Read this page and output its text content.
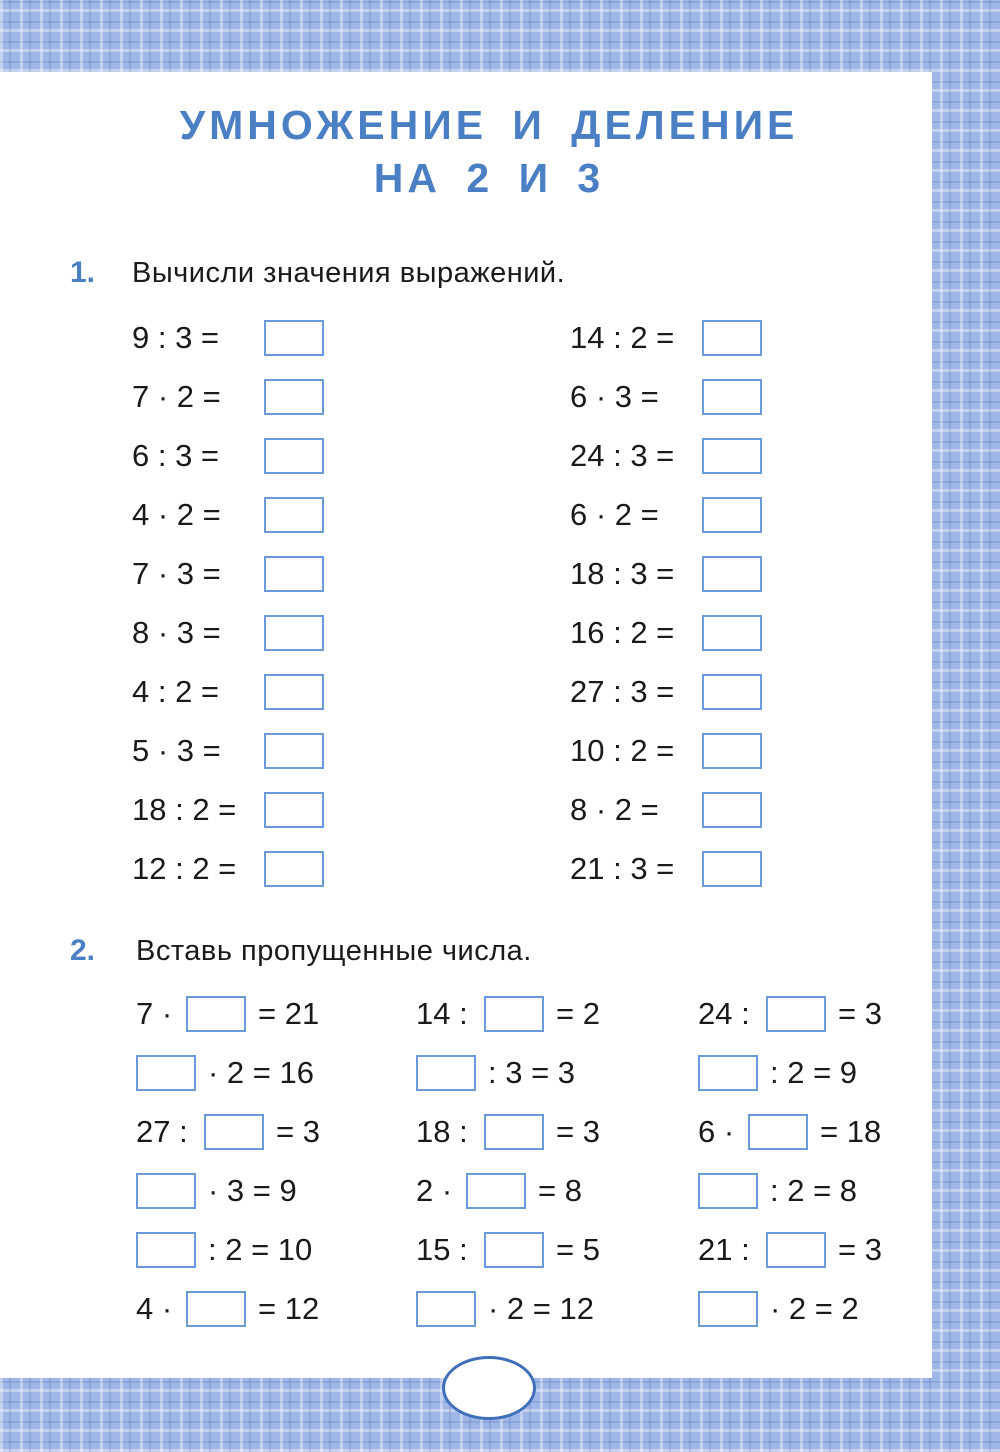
УМНОЖЕНИЕ И ДЕЛЕНИЕ
НА 2 И 3
1. Вычисли значения выражений.
9 : 3 =
7 · 2 =
6 : 3 =
4 · 2 =
7 · 3 =
8 · 3 =
4 : 2 =
5 · 3 =
18 : 2 =
12 : 2 =
14 : 2 =
6 · 3 =
24 : 3 =
6 · 2 =
18 : 3 =
16 : 2 =
27 : 3 =
10 : 2 =
8 · 2 =
21 : 3 =
2. Вставь пропущенные числа.
7 ·	= 21	14 :	= 2	24 :	= 3
· 2 = 16	: 3 = 3	: 2 = 9
27 :	= 3	18 :	= 3	6 ·	= 18
· 3 = 9	2 ·	= 8	: 2 = 8
: 2 = 10	15 :	= 5	21 :	= 3
4 ·	= 12	· 2 = 12	· 2 = 2
